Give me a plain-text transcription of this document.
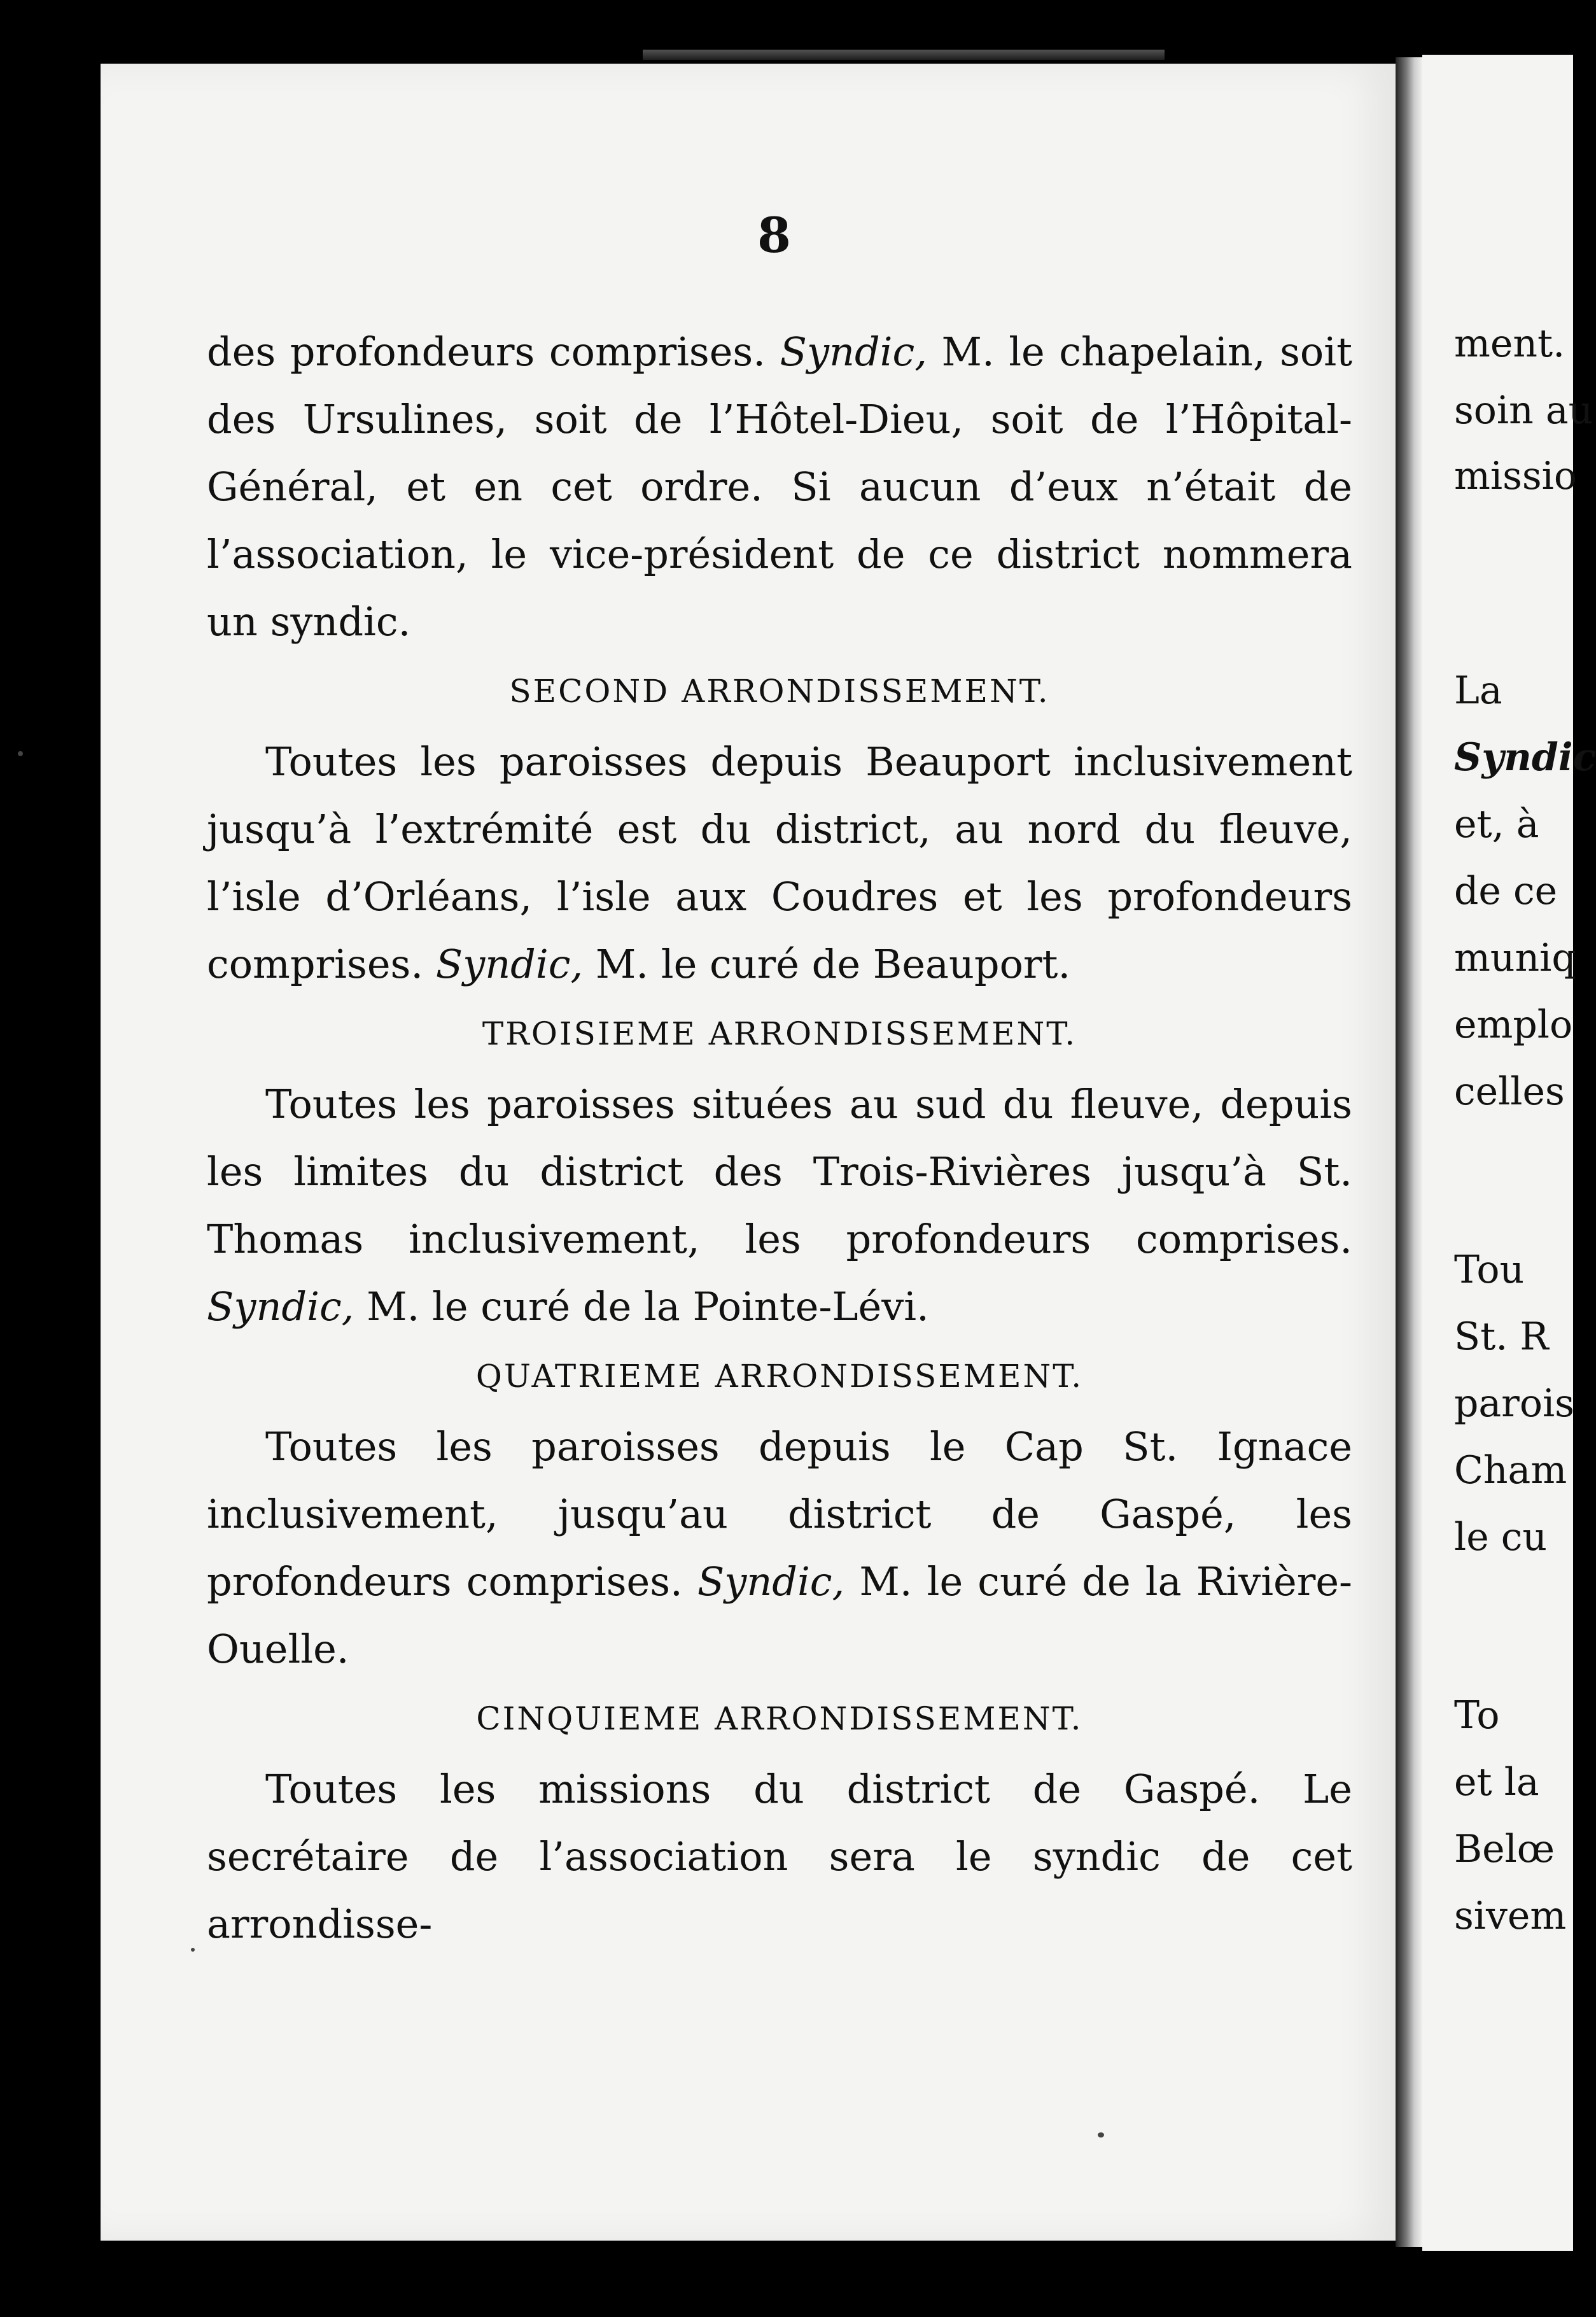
8

des profondeurs comprises. Syndic, M. le chapelain, soit des Ursulines, soit de l’Hôtel-Dieu, soit de l’Hôpital-Général, et en cet ordre. Si aucun d’eux n’était de l’association, le vice-président de ce district nommera un syndic.

SECOND ARRONDISSEMENT.

Toutes les paroisses depuis Beauport inclusivement jusqu’à l’extrémité est du district, au nord du fleuve, l’isle d’Orléans, l’isle aux Coudres et les profondeurs comprises. Syndic, M. le curé de Beauport.

TROISIEME ARRONDISSEMENT.

Toutes les paroisses situées au sud du fleuve, depuis les limites du district des Trois-Rivières jusqu’à St. Thomas inclusivement, les profondeurs comprises. Syndic, M. le curé de la Pointe-Lévi.

QUATRIEME ARRONDISSEMENT.

Toutes les paroisses depuis le Cap St. Ignace inclusivement, jusqu’au district de Gaspé, les profondeurs comprises. Syndic, M. le curé de la Rivière-Ouelle.

CINQUIEME ARRONDISSEMENT.

Toutes les missions du district de Gaspé. Le secrétaire de l’association sera le syndic de cet arrondisse-

ment.
soin au
missio
La
Syndic
et, à
de ce
muniq
emplo
celles
Tou
St. R
parois
Cham
le cu
To
et la
Belœ
sivem
